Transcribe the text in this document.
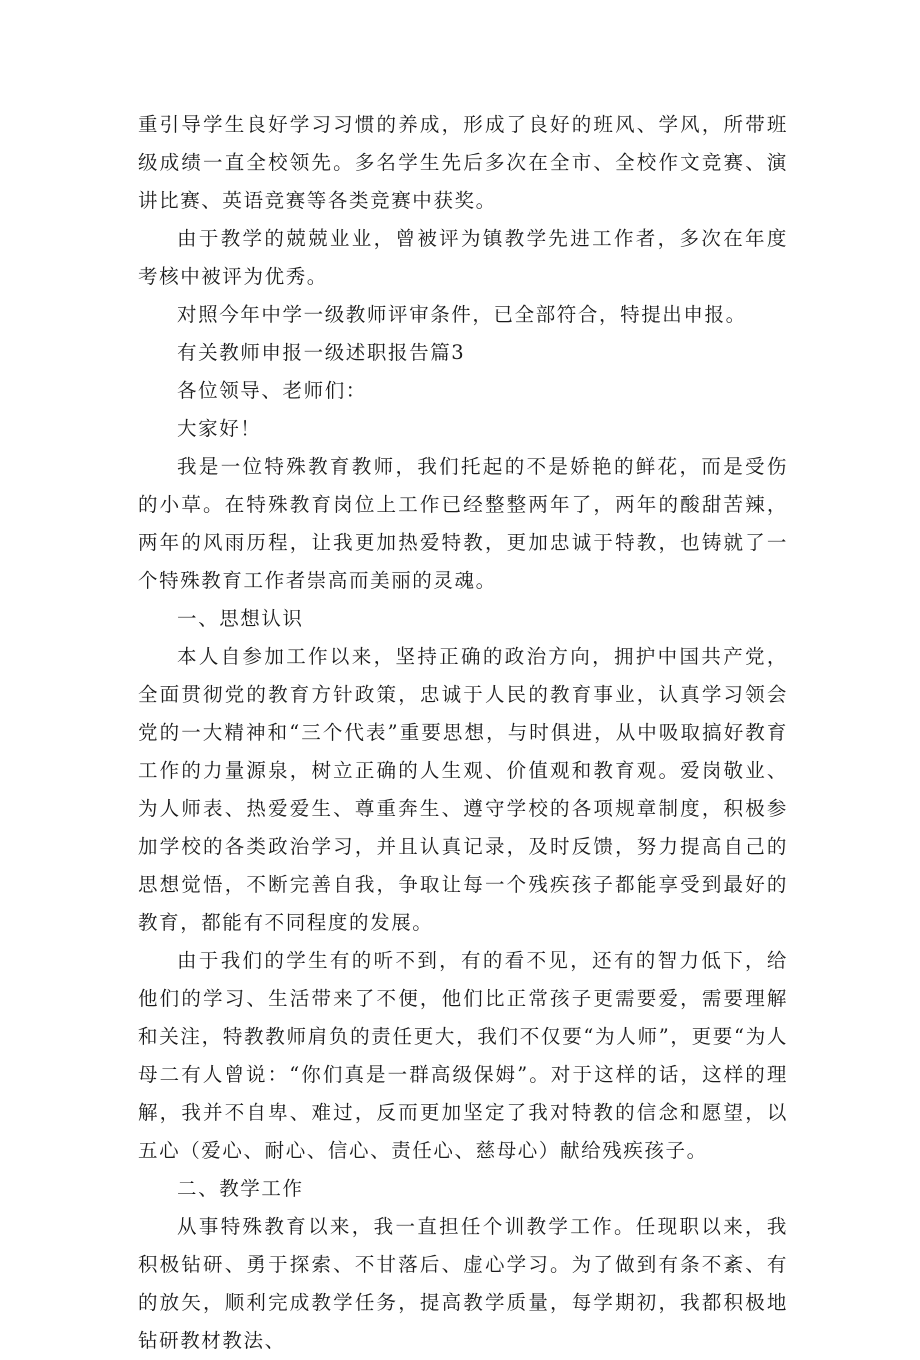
重引导学生良好学习习惯的养成，形成了良好的班风、学风，所带班级成绩一直全校领先。多名学生先后多次在全市、全校作文竞赛、演讲比赛、英语竞赛等各类竞赛中获奖。

由于教学的兢兢业业，曾被评为镇教学先进工作者，多次在年度考核中被评为优秀。

对照今年中学一级教师评审条件，已全部符合，特提出申报。

有关教师申报一级述职报告篇3

各位领导、老师们：

大家好！

我是一位特殊教育教师，我们托起的不是娇艳的鲜花，而是受伤的小草。在特殊教育岗位上工作已经整整两年了，两年的酸甜苦辣，两年的风雨历程，让我更加热爱特教，更加忠诚于特教，也铸就了一个特殊教育工作者崇高而美丽的灵魂。

一、思想认识

本人自参加工作以来，坚持正确的政治方向，拥护中国共产党，全面贯彻党的教育方针政策，忠诚于人民的教育事业，认真学习领会党的一大精神和“三个代表”重要思想，与时俱进，从中吸取搞好教育工作的力量源泉，树立正确的人生观、价值观和教育观。爱岗敬业、为人师表、热爱爱生、尊重奔生、遵守学校的各项规章制度，积极参加学校的各类政治学习，并且认真记录，及时反馈，努力提高自己的思想觉悟，不断完善自我，争取让每一个残疾孩子都能享受到最好的教育，都能有不同程度的发展。

由于我们的学生有的听不到，有的看不见，还有的智力低下，给他们的学习、生活带来了不便，他们比正常孩子更需要爱，需要理解和关注，特教教师肩负的责任更大，我们不仅要“为人师”，更要“为人母二有人曾说：“你们真是一群高级保姆”。对于这样的话，这样的理解，我并不自卑、难过，反而更加坚定了我对特教的信念和愿望，以五心（爱心、耐心、信心、责任心、慈母心）献给残疾孩子。

二、教学工作

从事特殊教育以来，我一直担任个训教学工作。任现职以来，我积极钻研、勇于探索、不甘落后、虚心学习。为了做到有条不紊、有的放矢，顺利完成教学任务，提高教学质量，每学期初，我都积极地钻研教材教法、
